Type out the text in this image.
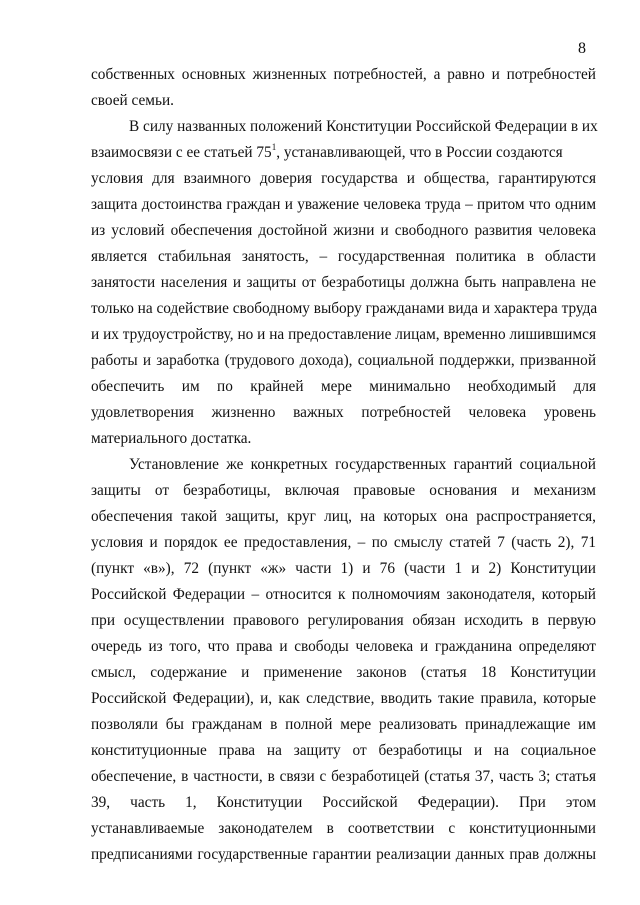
8
собственных основных жизненных потребностей, а равно и потребностей
своей семьи.
В силу названных положений Конституции Российской Федерации в их
взаимосвязи с ее статьей $75^1$, устанавливающей, что в России создаются
условия для взаимного доверия государства и общества, гарантируются
защита достоинства граждан и уважение человека труда – притом что одним
из условий обеспечения достойной жизни и свободного развития человека
является стабильная занятость, – государственная политика в области
занятости населения и защиты от безработицы должна быть направлена не
только на содействие свободному выбору гражданами вида и характера труда
и их трудоустройству, но и на предоставление лицам, временно лишившимся
работы и заработка (трудового дохода), социальной поддержки, призванной
обеспечить им по крайней мере минимально необходимый для
удовлетворения жизненно важных потребностей человека уровень
материального достатка.
Установление же конкретных государственных гарантий социальной
защиты от безработицы, включая правовые основания и механизм
обеспечения такой защиты, круг лиц, на которых она распространяется,
условия и порядок ее предоставления, – по смыслу статей 7 (часть 2), 71
(пункт «в»), 72 (пункт «ж» части 1) и 76 (части 1 и 2) Конституции
Российской Федерации – относится к полномочиям законодателя, который
при осуществлении правового регулирования обязан исходить в первую
очередь из того, что права и свободы человека и гражданина определяют
смысл, содержание и применение законов (статья 18 Конституции
Российской Федерации), и, как следствие, вводить такие правила, которые
позволяли бы гражданам в полной мере реализовать принадлежащие им
конституционные права на защиту от безработицы и на социальное
обеспечение, в частности, в связи с безработицей (статья 37, часть 3; статья
39, часть 1, Конституции Российской Федерации). При этом
устанавливаемые законодателем в соответствии с конституционными
предписаниями государственные гарантии реализации данных прав должны
